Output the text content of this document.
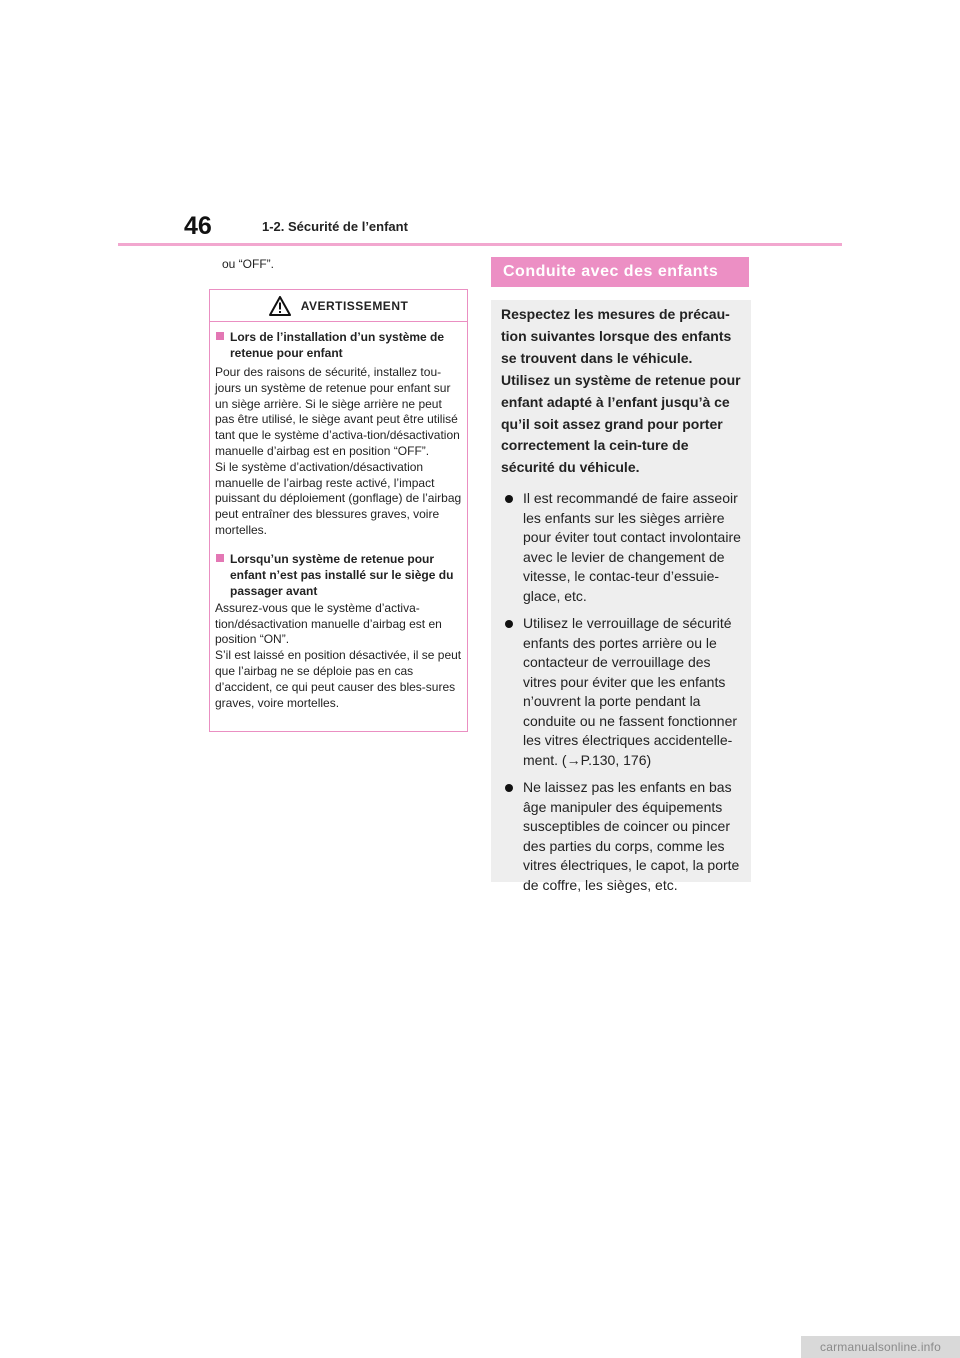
46	1-2. Sécurité de l’enfant
ou “OFF”.
AVERTISSEMENT
Lors de l’installation d’un système de retenue pour enfant

Pour des raisons de sécurité, installez tou-jours un système de retenue pour enfant sur un siège arrière. Si le siège arrière ne peut pas être utilisé, le siège avant peut être utilisé tant que le système d’activa-tion/désactivation manuelle d’airbag est en position “OFF”.

Si le système d’activation/désactivation manuelle de l’airbag reste activé, l’impact puissant du déploiement (gonflage) de l’airbag peut entraîner des blessures graves, voire mortelles.

Lorsqu’un système de retenue pour enfant n’est pas installé sur le siège du passager avant

Assurez-vous que le système d’activa-tion/désactivation manuelle d’airbag est en position “ON”.

S’il est laissé en position désactivée, il se peut que l’airbag ne se déploie pas en cas d’accident, ce qui peut causer des bles-sures graves, voire mortelles.

Conduite avec des enfants

Respectez les mesures de précau-tion suivantes lorsque des enfants se trouvent dans le véhicule. Utilisez un système de retenue pour enfant adapté à l’enfant jusqu’à ce qu’il soit assez grand pour porter correctement la cein-ture de sécurité du véhicule.

Il est recommandé de faire asseoir les enfants sur les sièges arrière pour éviter tout contact involontaire avec le levier de changement de vitesse, le contac-teur d’essuie-glace, etc.
Utilisez le verrouillage de sécurité enfants des portes arrière ou le contacteur de verrouillage des vitres pour éviter que les enfants n’ouvrent la porte pendant la conduite ou ne fassent fonctionner les vitres électriques accidentelle-ment. (→P.130, 176)
Ne laissez pas les enfants en bas âge manipuler des équipements susceptibles de coincer ou pincer des parties du corps, comme les vitres électriques, le capot, la porte de coffre, les sièges, etc.
carmanualsonline.info
